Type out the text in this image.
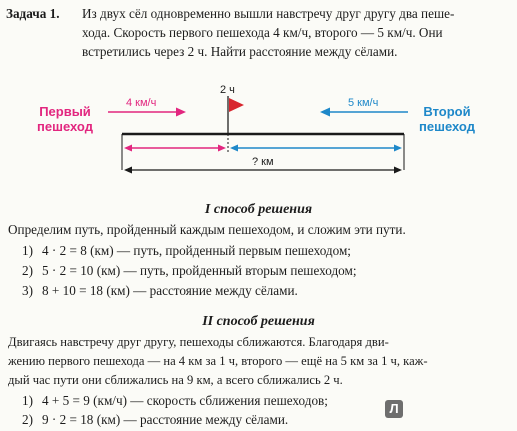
Задача 1. Из двух сёл одновременно вышли навстречу друг другу два пеше-
хода. Скорость первого пешехода 4 км/ч, второго — 5 км/ч. Они
встретились через 2 ч. Найти расстояние между сёлами.
Первый
пешеход
Второй
пешеход
4 км/ч	5 км/ч
2 ч
? км
I способ решения
Определим путь, пройденный каждым пешеходом, и сложим эти пути.
1) 4 · 2 = 8 (км) — путь, пройденный первым пешеходом;
2) 5 · 2 = 10 (км) — путь, пройденный вторым пешеходом;
3) 8 + 10 = 18 (км) — расстояние между сёлами.
II способ решения
Двигаясь навстречу друг другу, пешеходы сближаются. Благодаря дви-
жению первого пешехода — на 4 км за 1 ч, второго — ещё на 5 км за 1 ч, каж-
дый час пути они сближались на 9 км, а всего сближались 2 ч.
1) 4 + 5 = 9 (км/ч) — скорость сближения пешеходов;
2) 9 · 2 = 18 (км) — расстояние между сёлами.
Л
